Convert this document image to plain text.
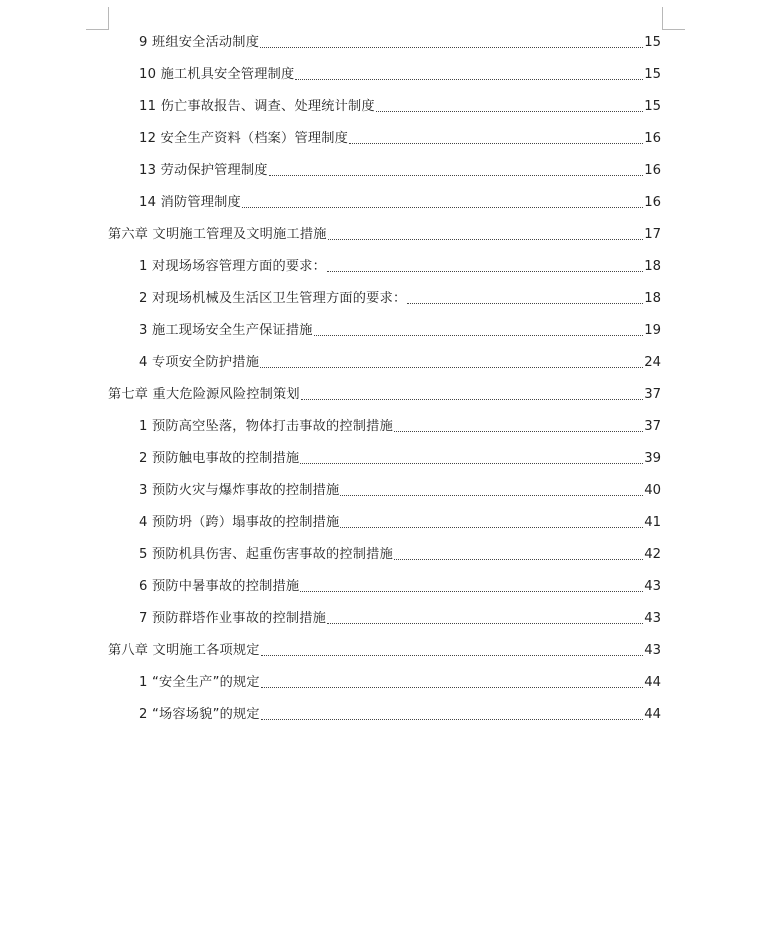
9 班组安全活动制度	15
10 施工机具安全管理制度	15
11 伤亡事故报告、调查、处理统计制度	15
12 安全生产资料（档案）管理制度	16
13 劳动保护管理制度	16
14 消防管理制度	16
第六章 文明施工管理及文明施工措施	17
1 对现场场容管理方面的要求：	18
2 对现场机械及生活区卫生管理方面的要求：	18
3 施工现场安全生产保证措施	19
4 专项安全防护措施	24
第七章 重大危险源风险控制策划	37
1 预防高空坠落，物体打击事故的控制措施	37
2 预防触电事故的控制措施	39
3 预防火灾与爆炸事故的控制措施	40
4 预防坍（跨）塌事故的控制措施	41
5 预防机具伤害、起重伤害事故的控制措施	42
6 预防中暑事故的控制措施	43
7 预防群塔作业事故的控制措施	43
第八章 文明施工各项规定	43
1 “安全生产”的规定	44
2 “场容场貌”的规定	44
